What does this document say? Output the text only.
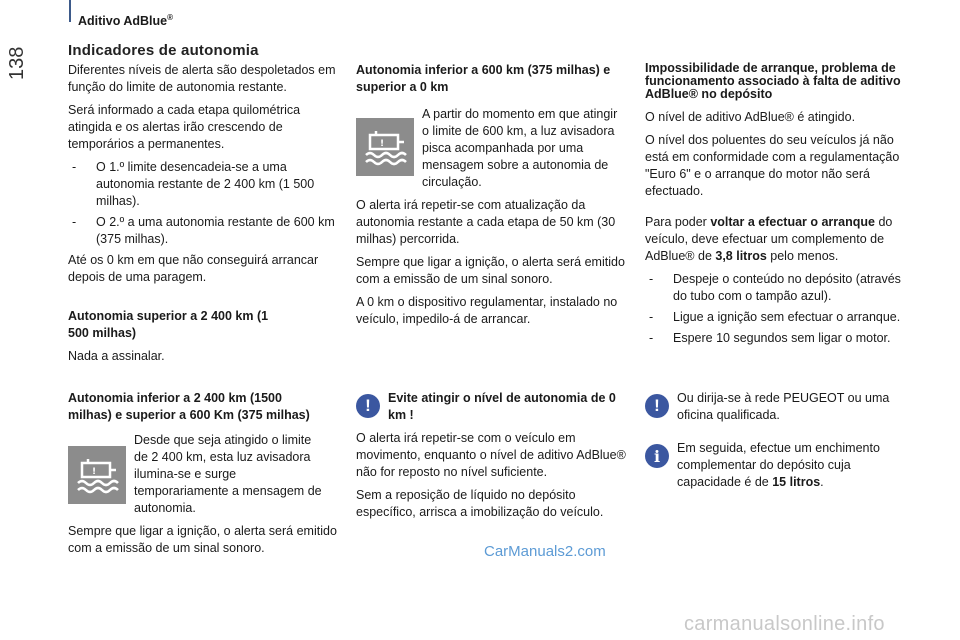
Aditivo AdBlue®
138	Indicadores de autonomia

Diferentes níveis de alerta são despoletados em função do limite de autonomia restante.

Será informado a cada etapa quilométrica atingida e os alertas irão crescendo de temporários a permanentes.

-	O 1.º limite desencadeia-se a uma autonomia restante de 2 400 km (1 500 milhas).
-	O 2.º a uma autonomia restante de 600 km (375 milhas).

Até os 0 km em que não conseguirá arrancar depois de uma paragem.

Autonomia superior a 2 400 km (1 500 milhas)

Nada a assinalar.

Autonomia inferior a 2 400 km (1500 milhas) e superior a 600 Km (375 milhas)
!

Desde que seja atingido o limite de 2 400 km, esta luz avisadora ilumina-se e surge temporariamente a mensagem de autonomia.

Sempre que ligar a ignição, o alerta será emitido com a emissão de um sinal sonoro.

Autonomia inferior a 600 km (375 milhas) e superior a 0 km
!

A partir do momento em que atingir o limite de 600 km, a luz avisadora pisca acompanhada por uma mensagem sobre a autonomia de circulação.

O alerta irá repetir-se com atualização da autonomia restante a cada etapa de 50 km (30 milhas) percorrida.

Sempre que ligar a ignição, o alerta será emitido com a emissão de um sinal sonoro.

A 0 km o dispositivo regulamentar, instalado no veículo, impedilo-á de arrancar.

!	Evite atingir o nível de autonomia de 0 km !

O alerta irá repetir-se com o veículo em movimento, enquanto o nível de aditivo AdBlue® não for reposto no nível suficiente.

Sem a reposição de líquido no depósito específico, arrisca a imobilização do veículo.

Impossibilidade de arranque, problema de funcionamento associado à falta de aditivo AdBlue® no depósito

O nível de aditivo AdBlue® é atingido.

O nível dos poluentes do seu veículos já não está em conformidade com a regulamentação "Euro 6" e o arranque do motor não será efectuado.

Para poder voltar a efectuar o arranque do veículo, deve efectuar um complemento de AdBlue® de 3,8 litros pelo menos.

-	Despeje o conteúdo no depósito (através do tubo com o tampão azul).
-	Ligue a ignição sem efectuar o arranque.
-	Espere 10 segundos sem ligar o motor.
!	Ou dirija-se à rede PEUGEOT ou uma oficina qualificada.

i	Em seguida, efectue um enchimento complementar do depósito cuja capacidade é de 15 litros.

CarManuals2.com
carmanualsonline.info
